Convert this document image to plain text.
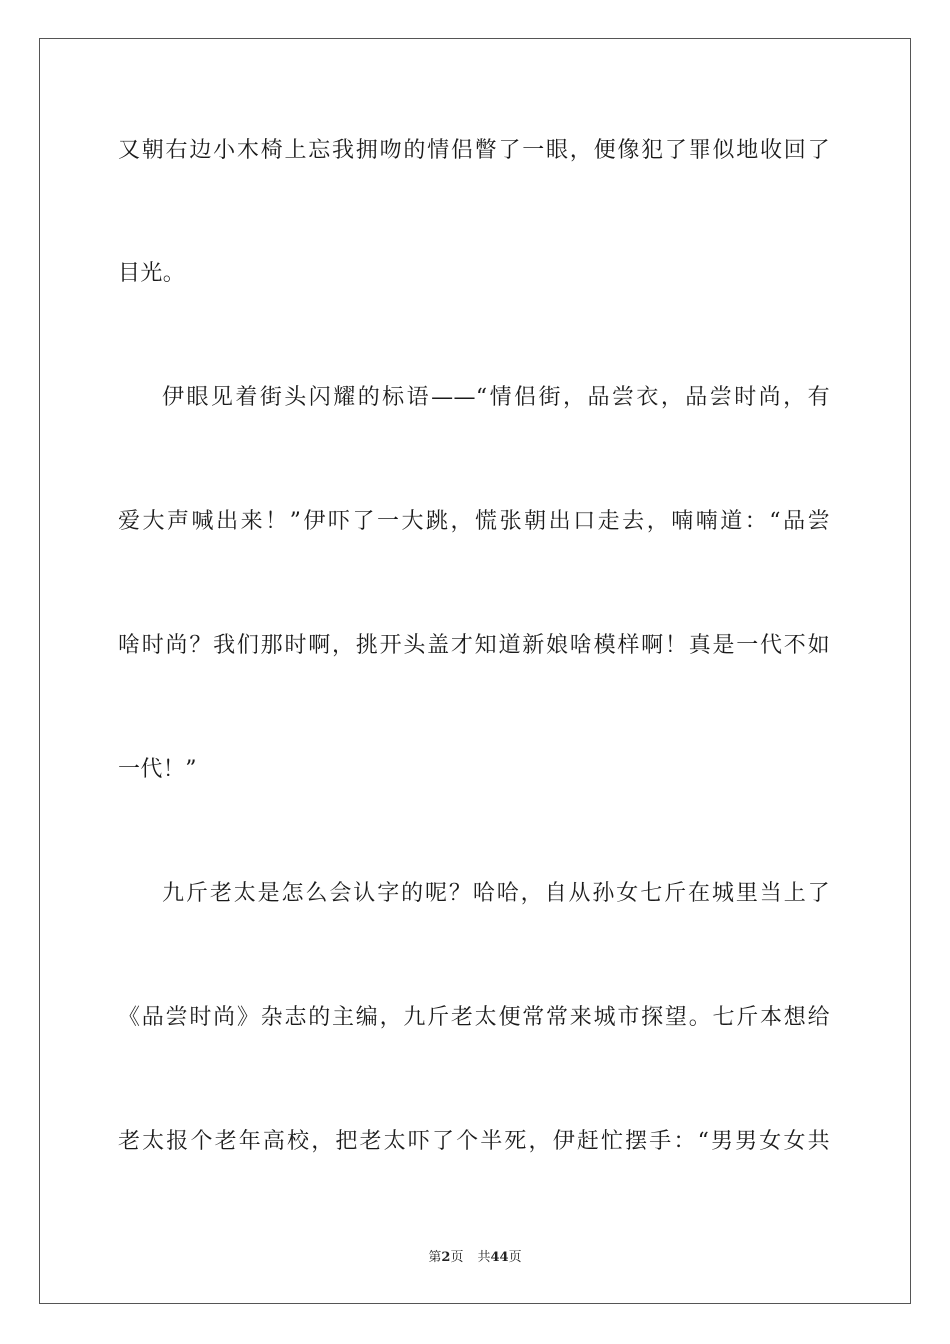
又朝右边小木椅上忘我拥吻的情侣瞥了一眼，便像犯了罪似地收回了
目光。
伊眼见着街头闪耀的标语——“情侣街，品尝衣，品尝时尚，有
爱大声喊出来！”伊吓了一大跳，慌张朝出口走去，喃喃道：“品尝
啥时尚？我们那时啊，挑开头盖才知道新娘啥模样啊！真是一代不如
一代！”
九斤老太是怎么会认字的呢？哈哈，自从孙女七斤在城里当上了
《品尝时尚》杂志的主编，九斤老太便常常来城市探望。七斤本想给
老太报个老年高校，把老太吓了个半死，伊赶忙摆手：“男男女女共
第2页 共44页
